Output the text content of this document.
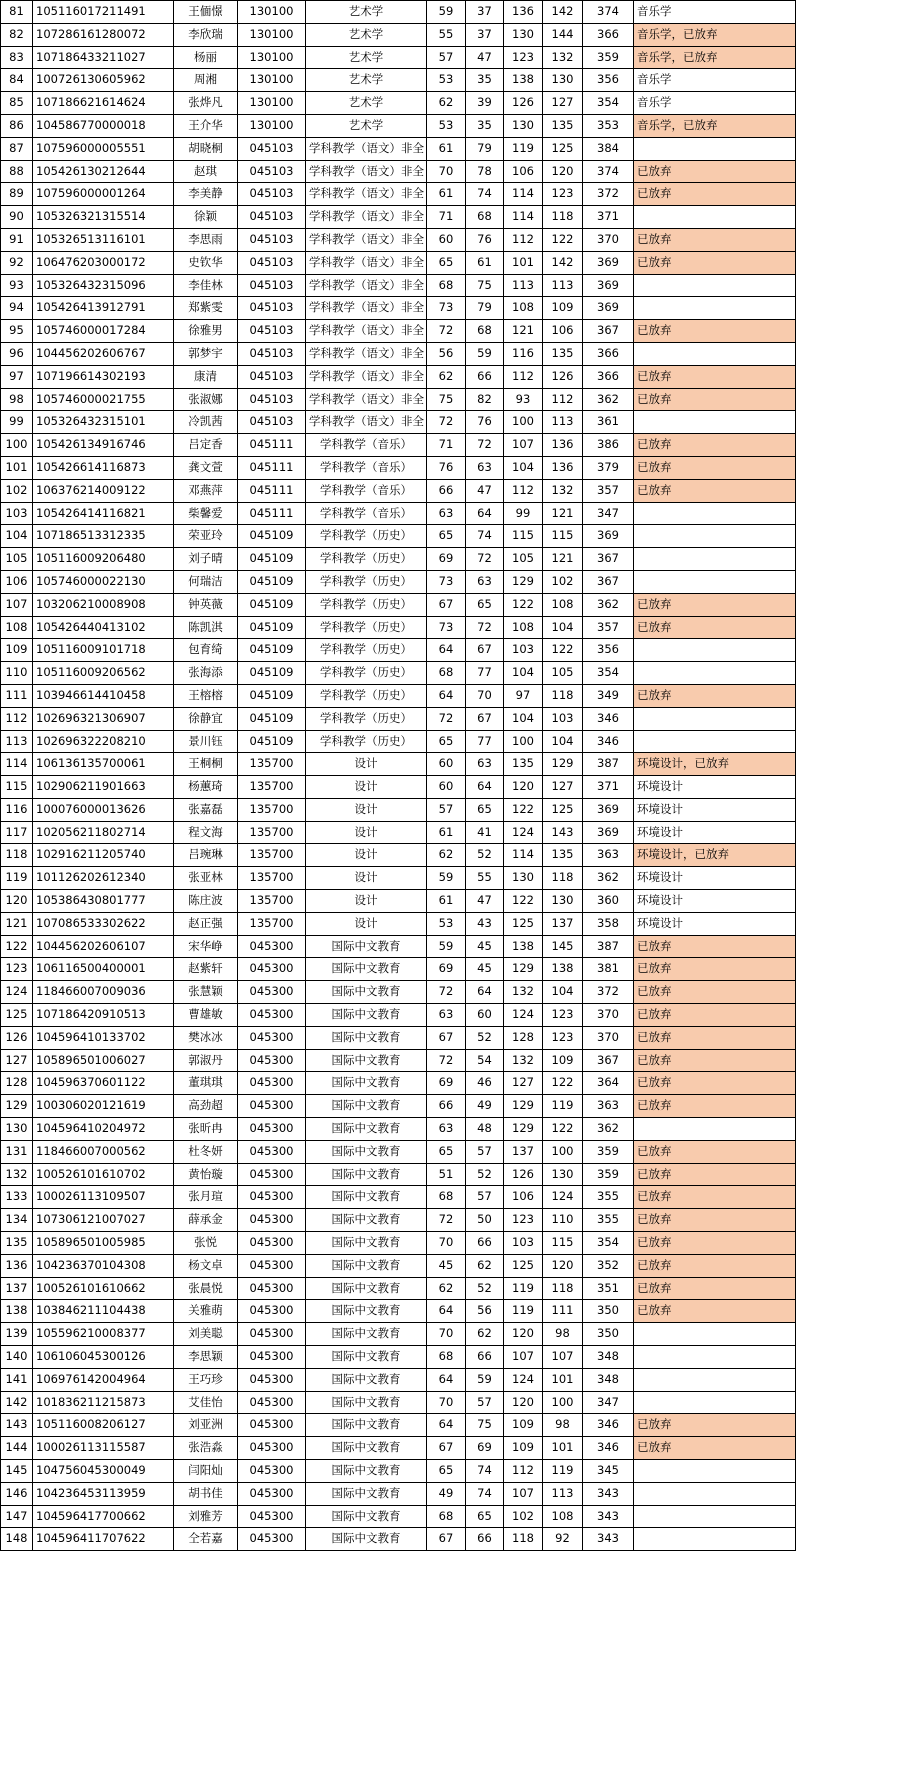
81	105116017211491	王偭憬	130100	艺术学	59	37	136	142	374	音乐学
82	107286161280072	李欣瑞	130100	艺术学	55	37	130	144	366	音乐学，已放弃
83	107186433211027	杨丽	130100	艺术学	57	47	123	132	359	音乐学，已放弃
84	100726130605962	周湘	130100	艺术学	53	35	138	130	356	音乐学
85	107186621614624	张烨凡	130100	艺术学	62	39	126	127	354	音乐学
86	104586770000018	王介华	130100	艺术学	53	35	130	135	353	音乐学，已放弃
87	107596000005551	胡晓桐	045103	学科教学（语文）非全	61	79	119	125	384	
88	105426130212644	赵琪	045103	学科教学（语文）非全	70	78	106	120	374	已放弃
89	107596000001264	李美静	045103	学科教学（语文）非全	61	74	114	123	372	已放弃
90	105326321315514	徐颖	045103	学科教学（语文）非全	71	68	114	118	371	
91	105326513116101	李思雨	045103	学科教学（语文）非全	60	76	112	122	370	已放弃
92	106476203000172	史钦华	045103	学科教学（语文）非全	65	61	101	142	369	已放弃
93	105326432315096	李佳林	045103	学科教学（语文）非全	68	75	113	113	369	
94	105426413912791	郑紫雯	045103	学科教学（语文）非全	73	79	108	109	369	
95	105746000017284	徐雅男	045103	学科教学（语文）非全	72	68	121	106	367	已放弃
96	104456202606767	郭梦宇	045103	学科教学（语文）非全	56	59	116	135	366	
97	107196614302193	康清	045103	学科教学（语文）非全	62	66	112	126	366	已放弃
98	105746000021755	张淑娜	045103	学科教学（语文）非全	75	82	93	112	362	已放弃
99	105326432315101	冷凯茜	045103	学科教学（语文）非全	72	76	100	113	361	
100	105426134916746	吕定香	045111	学科教学（音乐）	71	72	107	136	386	已放弃
101	105426614116873	龚文萱	045111	学科教学（音乐）	76	63	104	136	379	已放弃
102	106376214009122	邓燕萍	045111	学科教学（音乐）	66	47	112	132	357	已放弃
103	105426414116821	柴馨爱	045111	学科教学（音乐）	63	64	99	121	347	
104	107186513312335	荣亚玲	045109	学科教学（历史）	65	74	115	115	369	
105	105116009206480	刘子晴	045109	学科教学（历史）	69	72	105	121	367	
106	105746000022130	何瑞洁	045109	学科教学（历史）	73	63	129	102	367	
107	103206210008908	钟英薇	045109	学科教学（历史）	67	65	122	108	362	已放弃
108	105426440413102	陈凯淇	045109	学科教学（历史）	73	72	108	104	357	已放弃
109	105116009101718	包育绮	045109	学科教学（历史）	64	67	103	122	356	
110	105116009206562	张海添	045109	学科教学（历史）	68	77	104	105	354	
111	103946614410458	王榕榕	045109	学科教学（历史）	64	70	97	118	349	已放弃
112	102696321306907	徐静宜	045109	学科教学（历史）	72	67	104	103	346	
113	102696322208210	景川钰	045109	学科教学（历史）	65	77	100	104	346	
114	106136135700061	王桐桐	135700	设计	60	63	135	129	387	环境设计，已放弃
115	102906211901663	杨蕙琦	135700	设计	60	64	120	127	371	环境设计
116	100076000013626	张嘉磊	135700	设计	57	65	122	125	369	环境设计
117	102056211802714	程文海	135700	设计	61	41	124	143	369	环境设计
118	102916211205740	吕琬琳	135700	设计	62	52	114	135	363	环境设计，已放弃
119	101126202612340	张亚林	135700	设计	59	55	130	118	362	环境设计
120	105386430801777	陈庄波	135700	设计	61	47	122	130	360	环境设计
121	107086533302622	赵正强	135700	设计	53	43	125	137	358	环境设计
122	104456202606107	宋华峥	045300	国际中文教育	59	45	138	145	387	已放弃
123	106116500400001	赵紫轩	045300	国际中文教育	69	45	129	138	381	已放弃
124	118466007009036	张慧颖	045300	国际中文教育	72	64	132	104	372	已放弃
125	107186420910513	曹雄敏	045300	国际中文教育	63	60	124	123	370	已放弃
126	104596410133702	樊冰冰	045300	国际中文教育	67	52	128	123	370	已放弃
127	105896501006027	郭淑丹	045300	国际中文教育	72	54	132	109	367	已放弃
128	104596370601122	董琪琪	045300	国际中文教育	69	46	127	122	364	已放弃
129	100306020121619	高劲超	045300	国际中文教育	66	49	129	119	363	已放弃
130	104596410204972	张昕冉	045300	国际中文教育	63	48	129	122	362	
131	118466007000562	杜冬妍	045300	国际中文教育	65	57	137	100	359	已放弃
132	100526101610702	黄怡璇	045300	国际中文教育	51	52	126	130	359	已放弃
133	100026113109507	张月瑄	045300	国际中文教育	68	57	106	124	355	已放弃
134	107306121007027	薛承金	045300	国际中文教育	72	50	123	110	355	已放弃
135	105896501005985	张悦	045300	国际中文教育	70	66	103	115	354	已放弃
136	104236370104308	杨文卓	045300	国际中文教育	45	62	125	120	352	已放弃
137	100526101610662	张晨悦	045300	国际中文教育	62	52	119	118	351	已放弃
138	103846211104438	关雅萌	045300	国际中文教育	64	56	119	111	350	已放弃
139	105596210008377	刘美聪	045300	国际中文教育	70	62	120	98	350	
140	106106045300126	李思颖	045300	国际中文教育	68	66	107	107	348	
141	106976142004964	王巧珍	045300	国际中文教育	64	59	124	101	348	
142	101836211215873	艾佳怡	045300	国际中文教育	70	57	120	100	347	
143	105116008206127	刘亚洲	045300	国际中文教育	64	75	109	98	346	已放弃
144	100026113115587	张浩淼	045300	国际中文教育	67	69	109	101	346	已放弃
145	104756045300049	闫阳灿	045300	国际中文教育	65	74	112	119	345	
146	104236453113959	胡书佳	045300	国际中文教育	49	74	107	113	343	
147	104596417700662	刘雅芳	045300	国际中文教育	68	65	102	108	343	
148	104596411707622	仝若嘉	045300	国际中文教育	67	66	118	92	343	
